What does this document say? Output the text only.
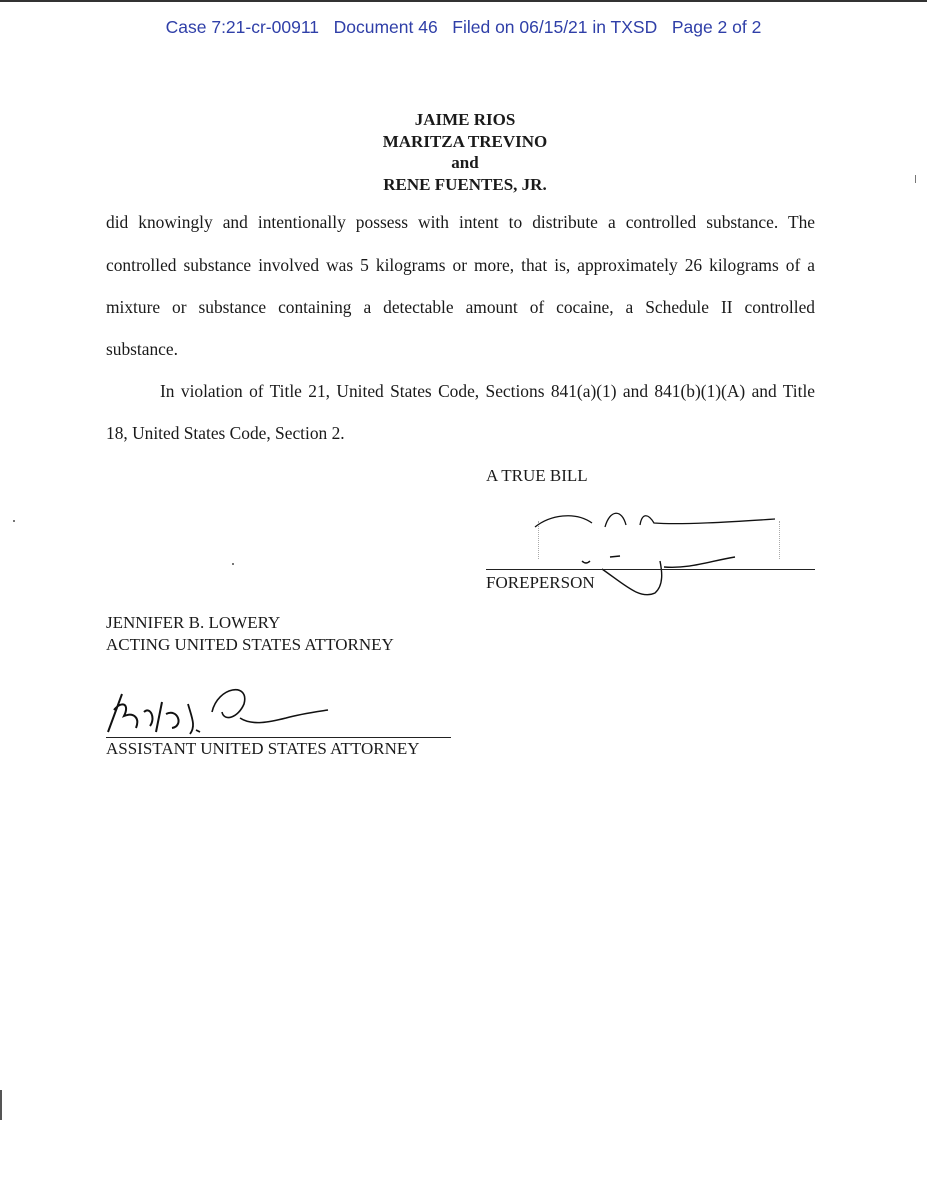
Case 7:21-cr-00911 Document 46 Filed on 06/15/21 in TXSD Page 2 of 2
JAIME RIOS
MARITZA TREVINO
and
RENE FUENTES, JR.
did knowingly and intentionally possess with intent to distribute a controlled substance. The
controlled substance involved was 5 kilograms or more, that is, approximately 26 kilograms of a
mixture or substance containing a detectable amount of cocaine, a Schedule II controlled
substance.
In violation of Title 21, United States Code, Sections 841(a)(1) and 841(b)(1)(A) and Title
18, United States Code, Section 2.
A TRUE BILL
FOREPERSON
JENNIFER B. LOWERY
ACTING UNITED STATES ATTORNEY
ASSISTANT UNITED STATES ATTORNEY
